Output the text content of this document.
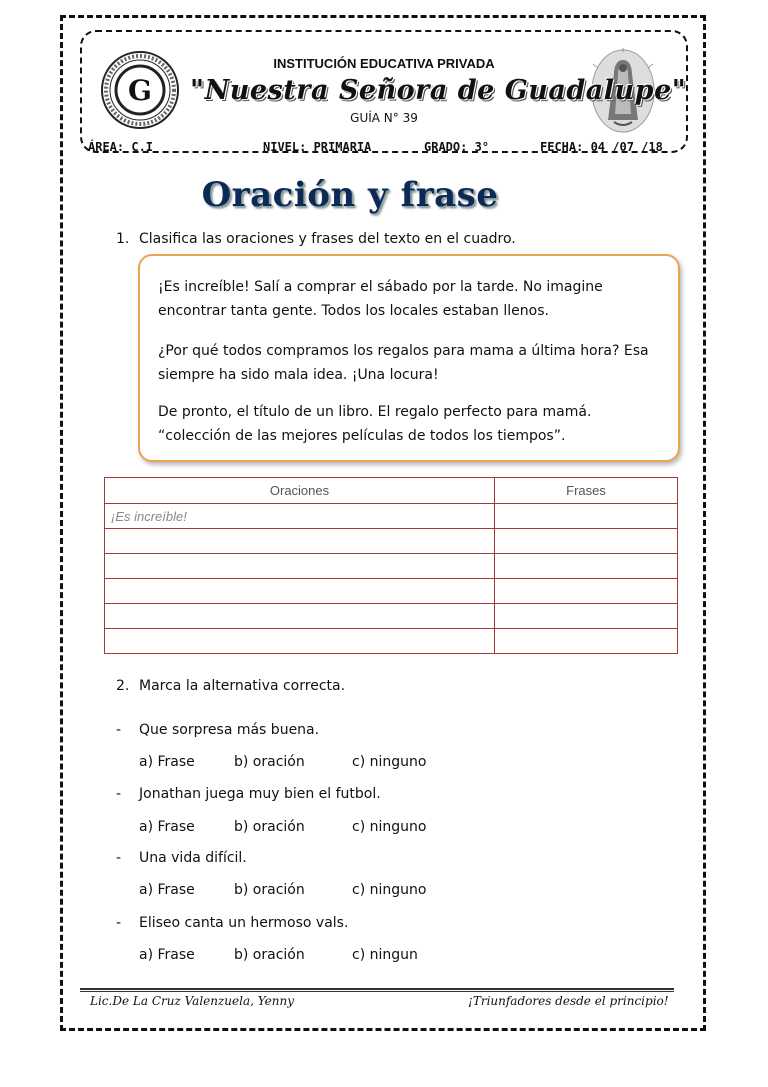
G
INSTITUCIÓN EDUCATIVA PRIVADA
"Nuestra Señora de Guadalupe"
GUÍA N° 39
ÁREA: C.I	NIVEL: PRIMARIA	GRADO: 3°	FECHA: 04 /07 /18
Oración y frase
1. Clasifica las oraciones y frases del texto en el cuadro.
¡Es increíble! Salí a comprar el sábado por la tarde. No imagine encontrar tanta gente. Todos los locales estaban llenos.
¿Por qué todos compramos los regalos para mama a última hora? Esa siempre ha sido mala idea. ¡Una locura!
De pronto, el título de un libro. El regalo perfecto para mamá. “colección de las mejores películas de todos los tiempos”.
Oraciones	Frases
¡Es increíble!	

2. Marca la alternativa correcta.
- Que sorpresa más buena.
a) Frase	b) oración	c) ninguno
- Jonathan juega muy bien el futbol.
a) Frase	b) oración	c) ninguno
- Una vida difícil.
a) Frase	b) oración	c) ninguno
- Eliseo canta un hermoso vals.
a) Frase	b) oración	c) ningun
Lic.De La Cruz Valenzuela, Yenny	¡Triunfadores desde el principio!
